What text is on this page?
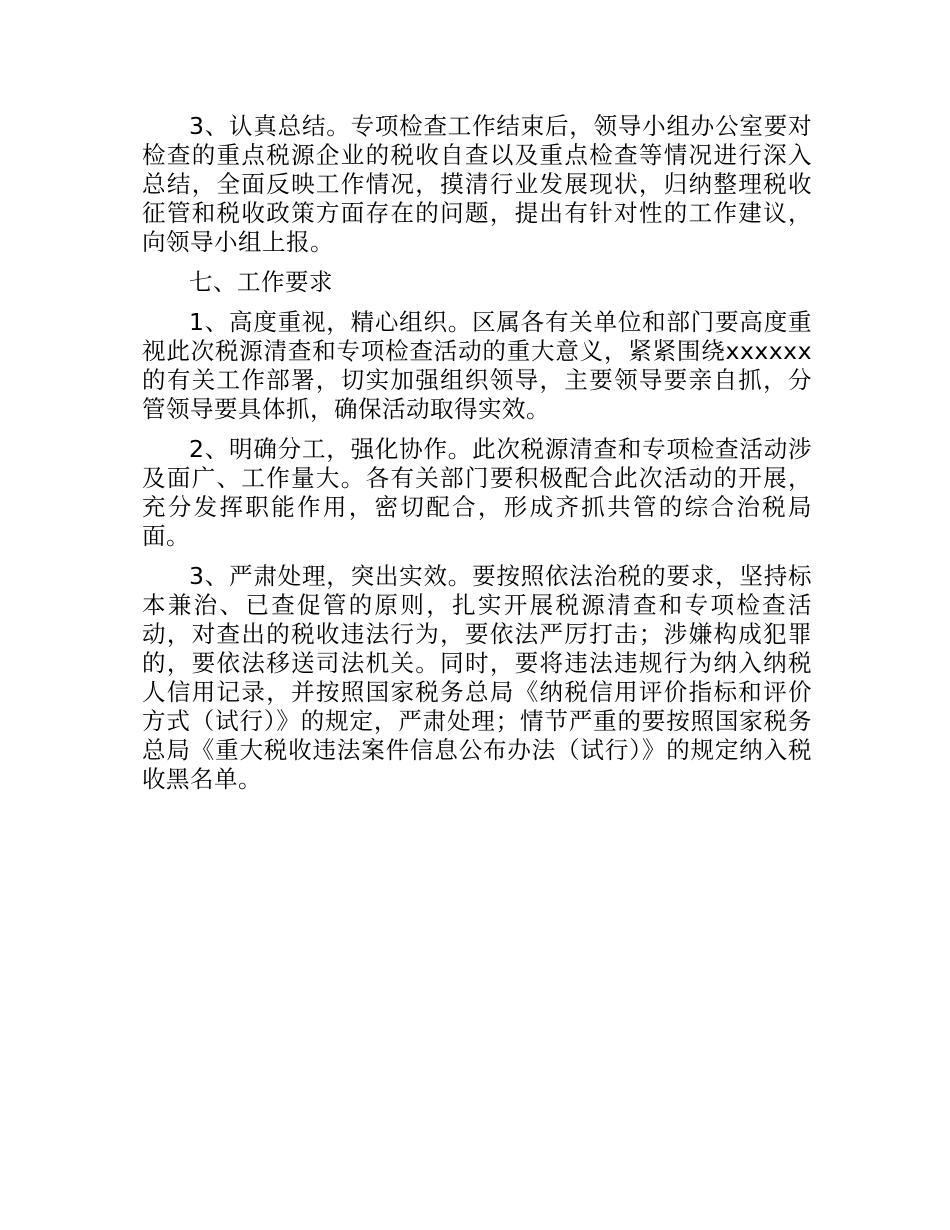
3、认真总结。专项检查工作结束后，领导小组办公室要对检查的重点税源企业的税收自查以及重点检查等情况进行深入总结，全面反映工作情况，摸清行业发展现状，归纳整理税收征管和税收政策方面存在的问题，提出有针对性的工作建议，向领导小组上报。

七、工作要求

1、高度重视，精心组织。区属各有关单位和部门要高度重视此次税源清查和专项检查活动的重大意义，紧紧围绕xxxxxx的有关工作部署，切实加强组织领导，主要领导要亲自抓，分管领导要具体抓，确保活动取得实效。

2、明确分工，强化协作。此次税源清查和专项检查活动涉及面广、工作量大。各有关部门要积极配合此次活动的开展，充分发挥职能作用，密切配合，形成齐抓共管的综合治税局面。

3、严肃处理，突出实效。要按照依法治税的要求，坚持标本兼治、已查促管的原则，扎实开展税源清查和专项检查活动，对查出的税收违法行为，要依法严厉打击；涉嫌构成犯罪的，要依法移送司法机关。同时，要将违法违规行为纳入纳税人信用记录，并按照国家税务总局《纳税信用评价指标和评价方式（试行）》的规定，严肃处理；情节严重的要按照国家税务总局《重大税收违法案件信息公布办法（试行）》的规定纳入税收黑名单。
